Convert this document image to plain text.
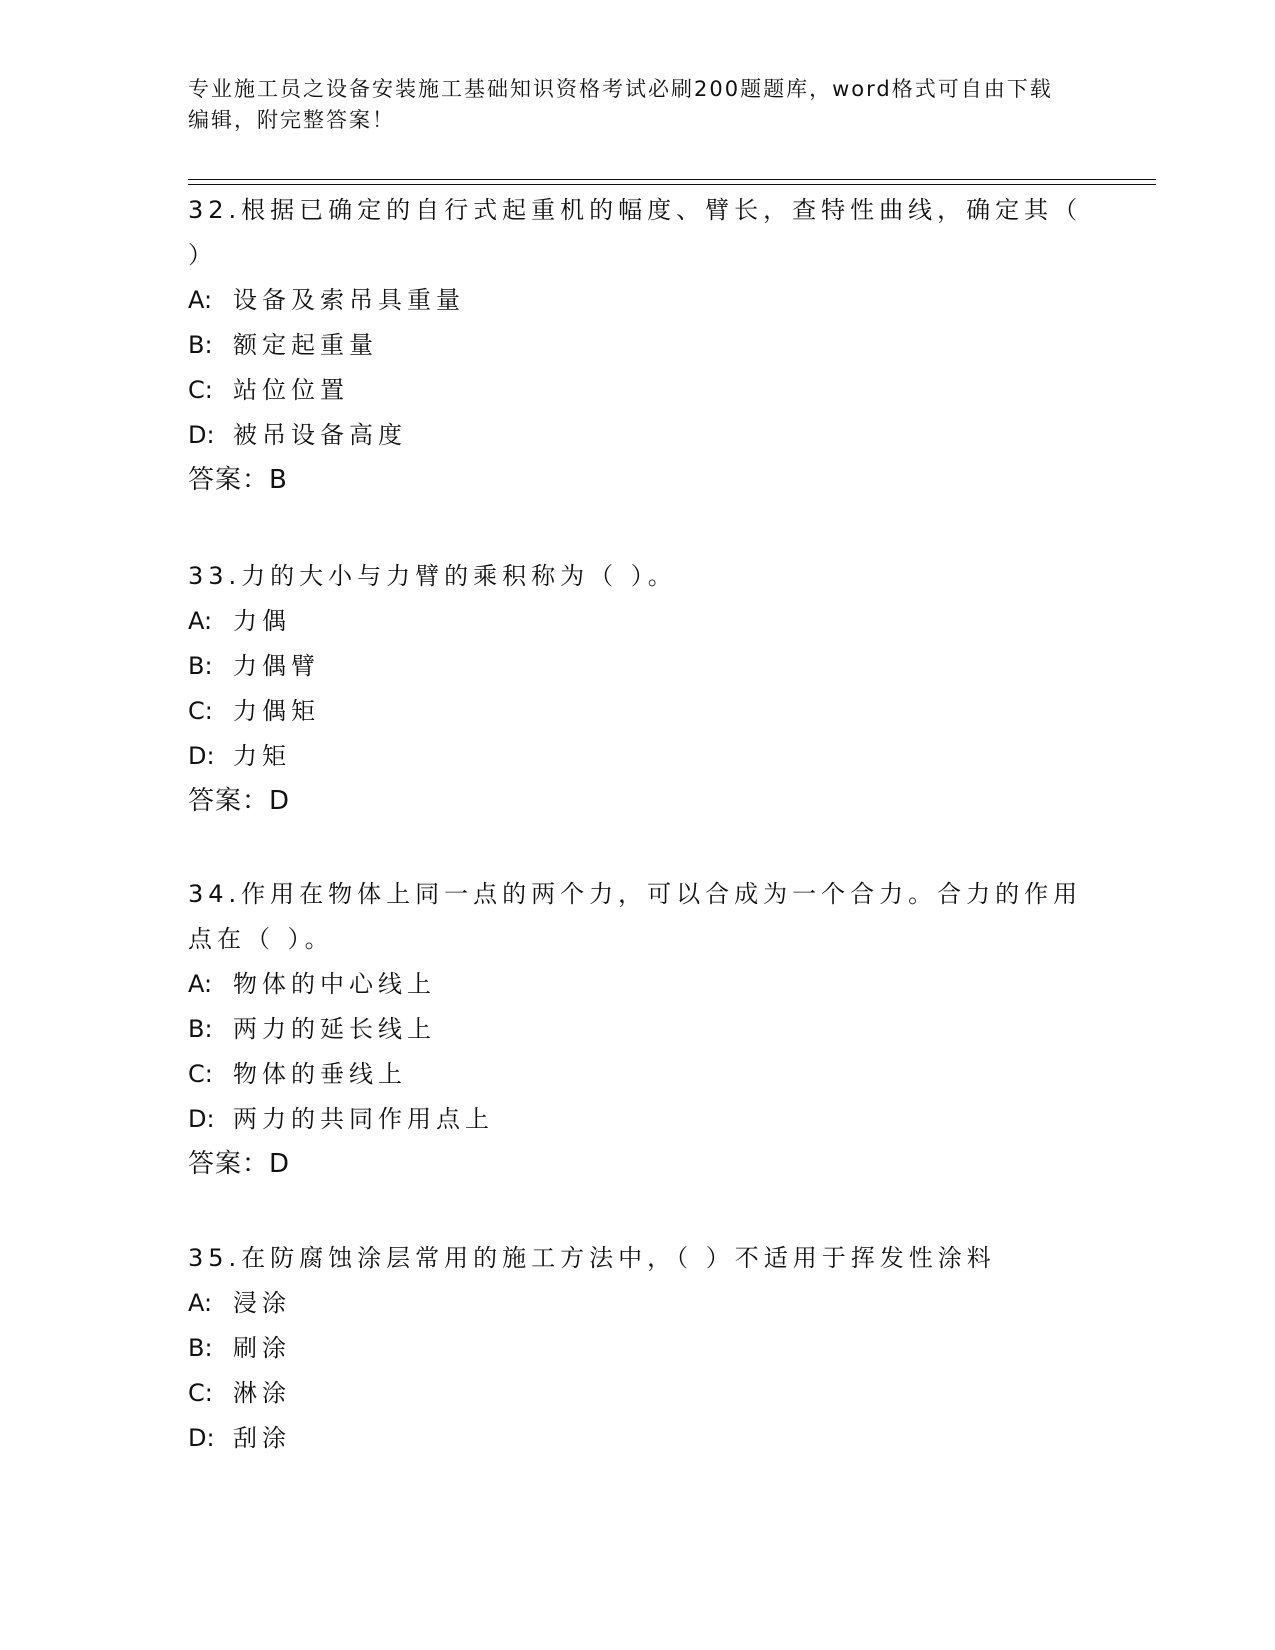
专业施工员之设备安装施工基础知识资格考试必刷200题题库，word格式可自由下载编辑，附完整答案！

32.根据已确定的自行式起重机的幅度、臂长，查特性曲线，确定其（ ）

A: 设备及索吊具重量
B: 额定起重量
C: 站位位置
D: 被吊设备高度
答案：B

33.力的大小与力臂的乘积称为（ ）。

A: 力偶
B: 力偶臂
C: 力偶矩
D: 力矩
答案：D

34.作用在物体上同一点的两个力，可以合成为一个合力。合力的作用点在（ ）。

A: 物体的中心线上
B: 两力的延长线上
C: 物体的垂线上
D: 两力的共同作用点上
答案：D

35.在防腐蚀涂层常用的施工方法中，（ ）不适用于挥发性涂料

A: 浸涂
B: 刷涂
C: 淋涂
D: 刮涂
